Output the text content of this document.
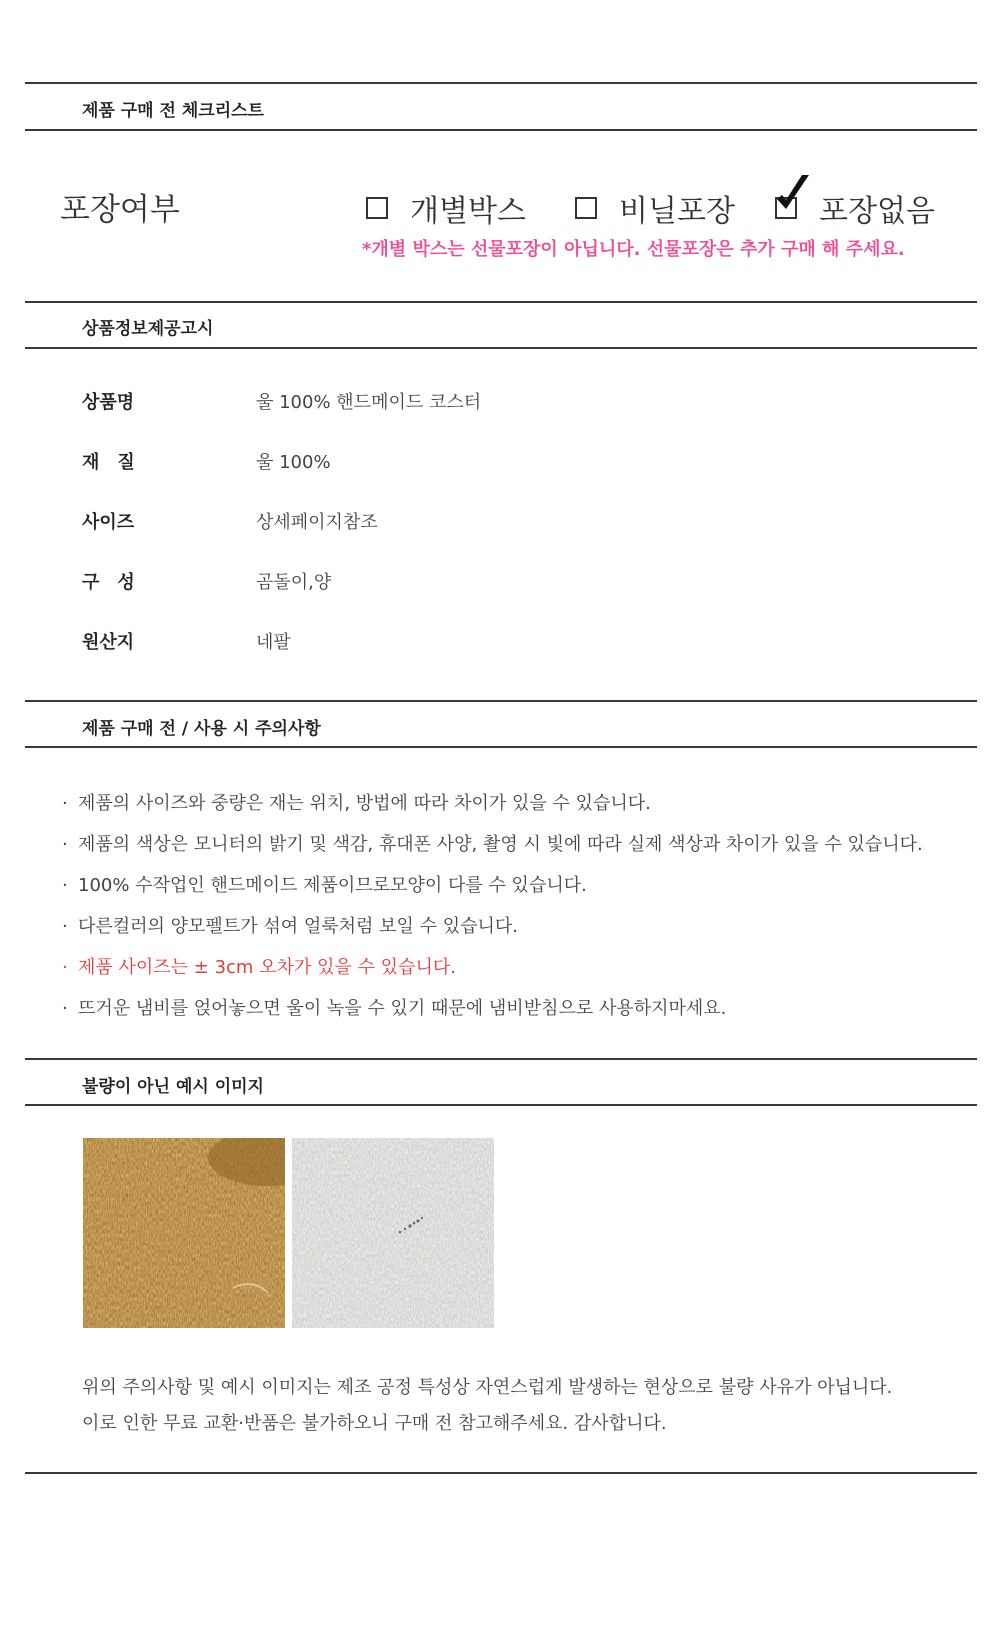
제품 구매 전 체크리스트
포장여부	개별박스	비닐포장	포장없음
*개별 박스는 선물포장이 아닙니다. 선물포장은 추가 구매 해 주세요.
상품정보제공고시
상품명	울 100% 핸드메이드 코스터
재　질	울 100%
사이즈	상세페이지참조
구　성	곰돌이,양
원산지	네팔
제품 구매 전 / 사용 시 주의사항
· 제품의 사이즈와 중량은 재는 위치, 방법에 따라 차이가 있을 수 있습니다.
· 제품의 색상은 모니터의 밝기 및 색감, 휴대폰 사양, 촬영 시 빛에 따라 실제 색상과 차이가 있을 수 있습니다.
· 100% 수작업인 핸드메이드 제품이므로모양이 다를 수 있습니다.
· 다른컬러의 양모펠트가 섞여 얼룩처럼 보일 수 있습니다.
· 제품 사이즈는 ± 3cm 오차가 있을 수 있습니다.
· 뜨거운 냄비를 얹어놓으면 울이 녹을 수 있기 때문에 냄비받침으로 사용하지마세요.
불량이 아닌 예시 이미지
위의 주의사항 및 예시 이미지는 제조 공정 특성상 자연스럽게 발생하는 현상으로 불량 사유가 아닙니다.
이로 인한 무료 교환·반품은 불가하오니 구매 전 참고해주세요. 감사합니다.
